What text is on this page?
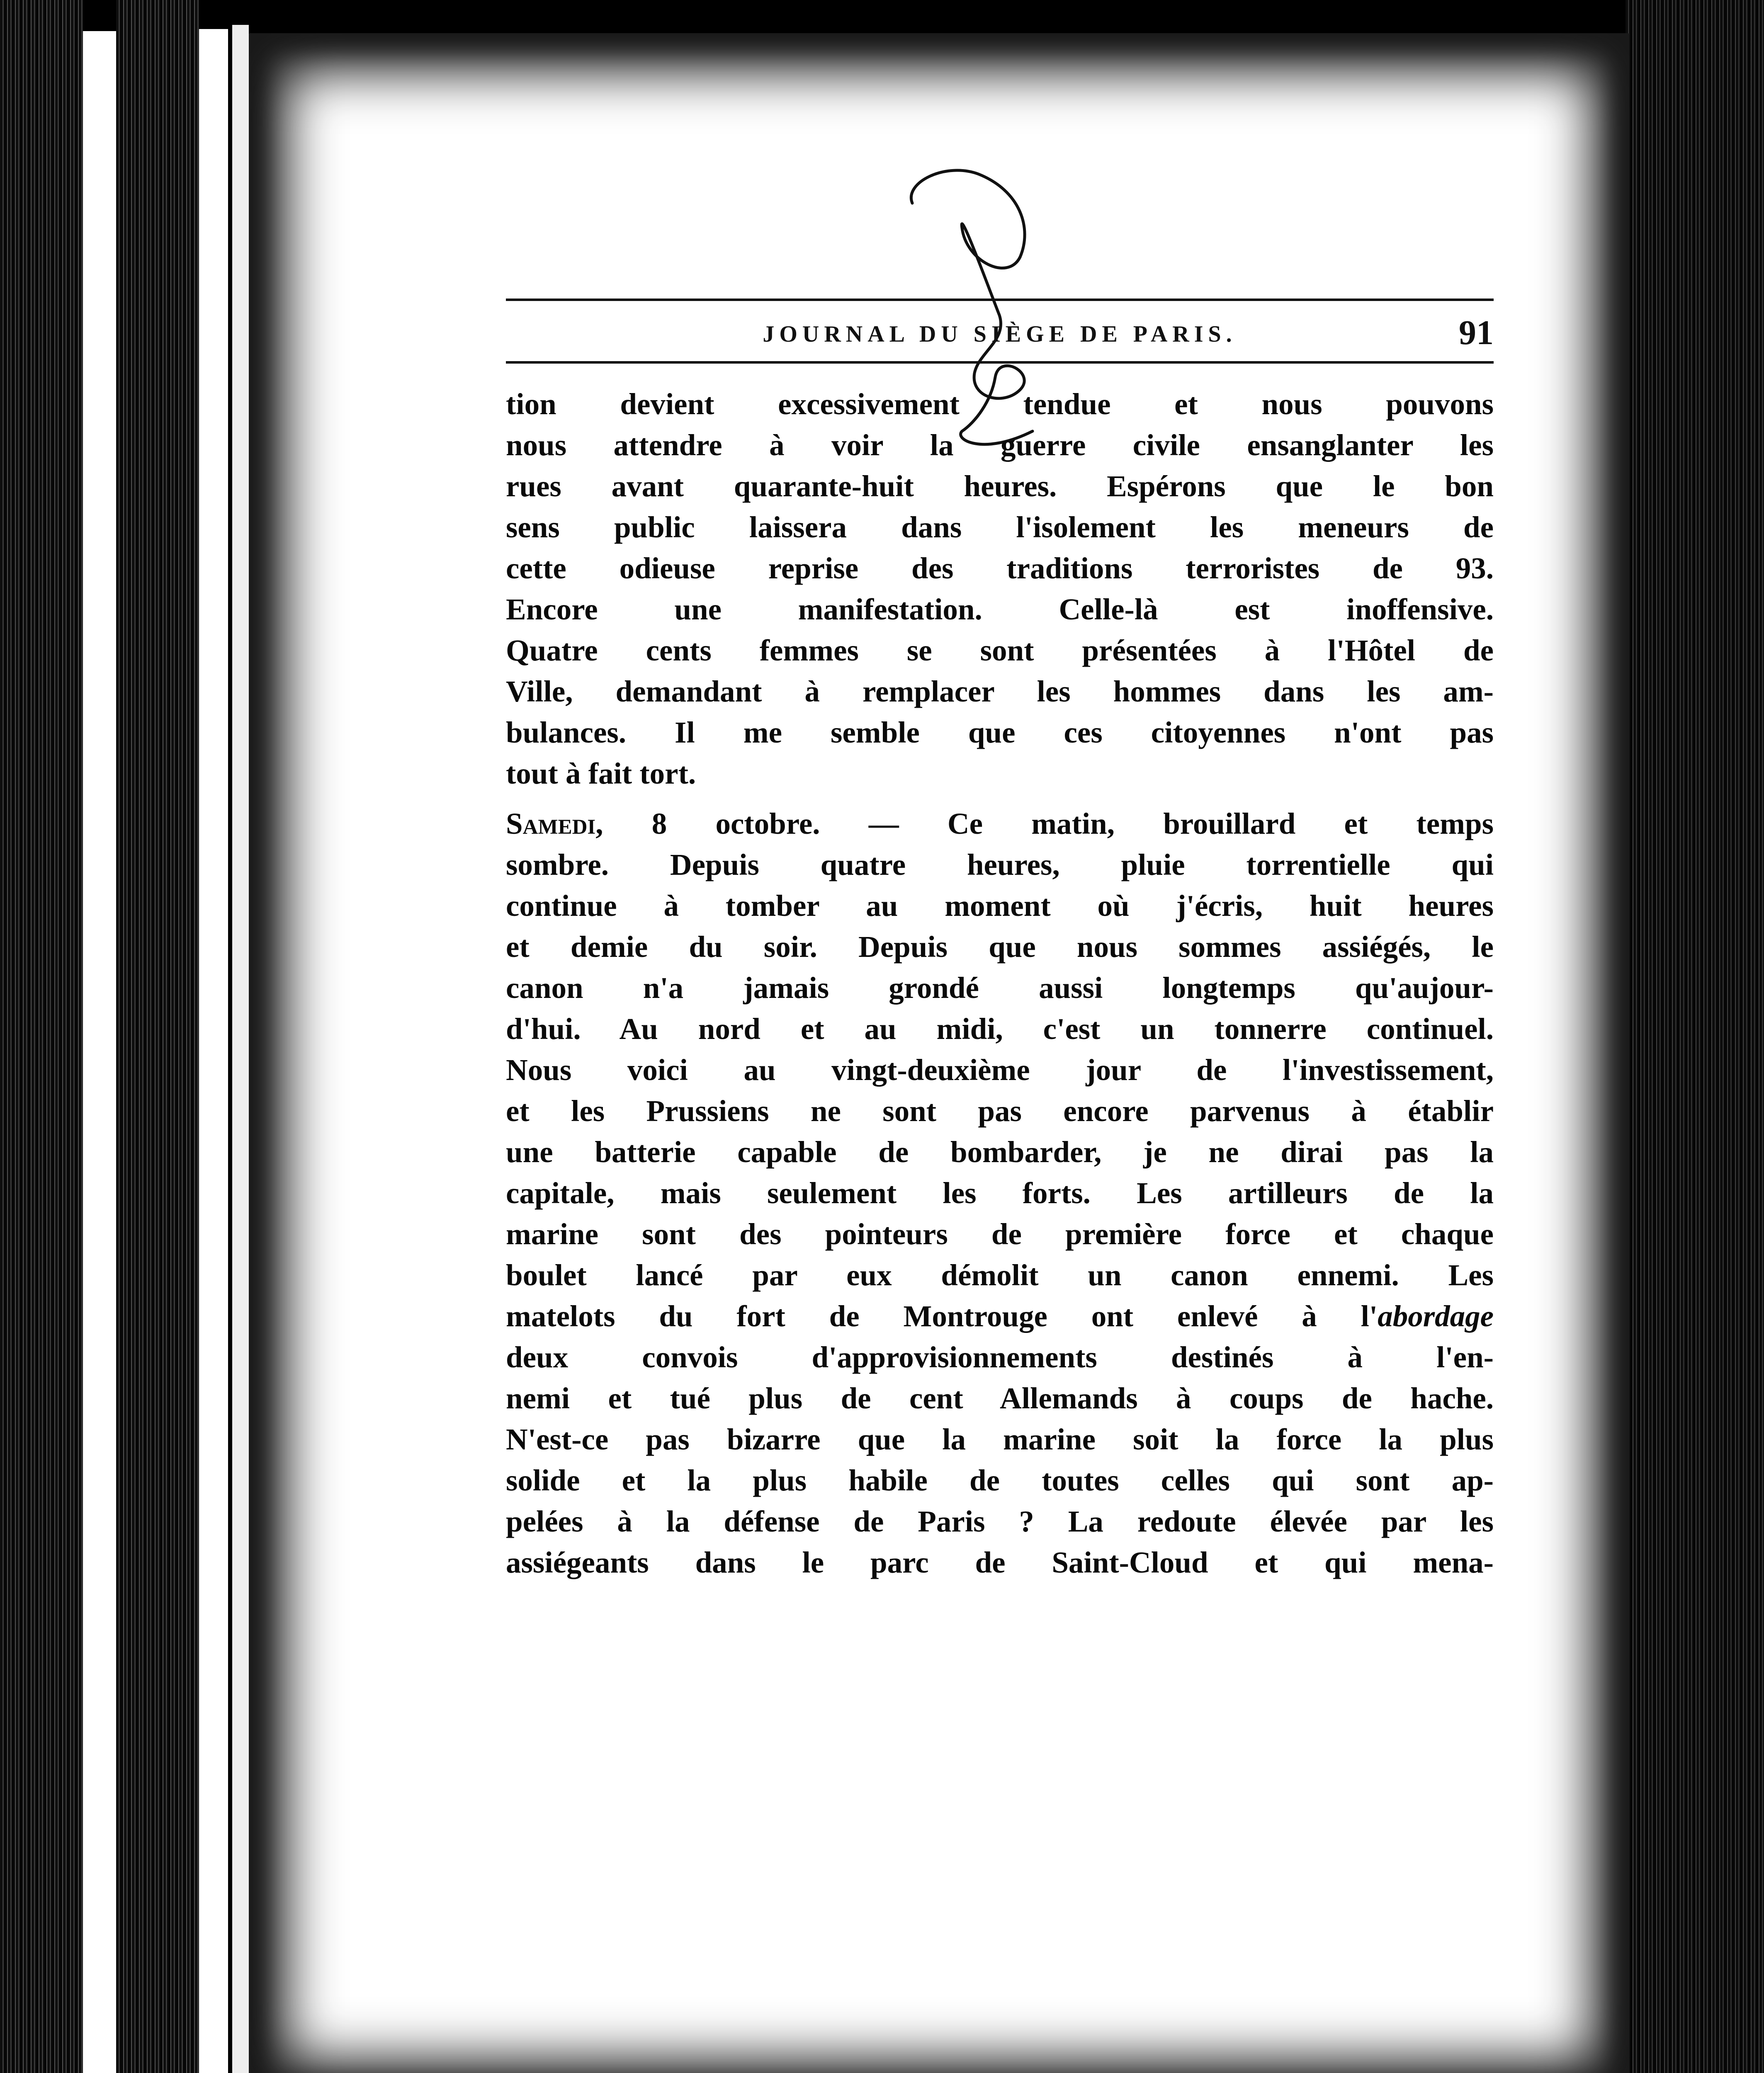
JOURNAL DU SIÈGE DE PARIS.	91
tion devient excessivement tendue et nous pouvons
nous attendre à voir la guerre civile ensanglanter les
rues avant quarante-huit heures. Espérons que le bon
sens public laissera dans l'isolement les meneurs de
cette odieuse reprise des traditions terroristes de 93.
Encore une manifestation. Celle-là est inoffensive.
Quatre cents femmes se sont présentées à l'Hôtel de
Ville, demandant à remplacer les hommes dans les am-
bulances. Il me semble que ces citoyennes n'ont pas
tout à fait tort.
Samedi, 8 octobre. — Ce matin, brouillard et temps
sombre. Depuis quatre heures, pluie torrentielle qui
continue à tomber au moment où j'écris, huit heures
et demie du soir. Depuis que nous sommes assiégés, le
canon n'a jamais grondé aussi longtemps qu'aujour-
d'hui. Au nord et au midi, c'est un tonnerre continuel.
Nous voici au vingt-deuxième jour de l'investissement,
et les Prussiens ne sont pas encore parvenus à établir
une batterie capable de bombarder, je ne dirai pas la
capitale, mais seulement les forts. Les artilleurs de la
marine sont des pointeurs de première force et chaque
boulet lancé par eux démolit un canon ennemi. Les
matelots du fort de Montrouge ont enlevé à l'abordage
deux convois d'approvisionnements destinés à l'en-
nemi et tué plus de cent Allemands à coups de hache.
N'est-ce pas bizarre que la marine soit la force la plus
solide et la plus habile de toutes celles qui sont ap-
pelées à la défense de Paris ? La redoute élevée par les
assiégeants dans le parc de Saint-Cloud et qui mena-
